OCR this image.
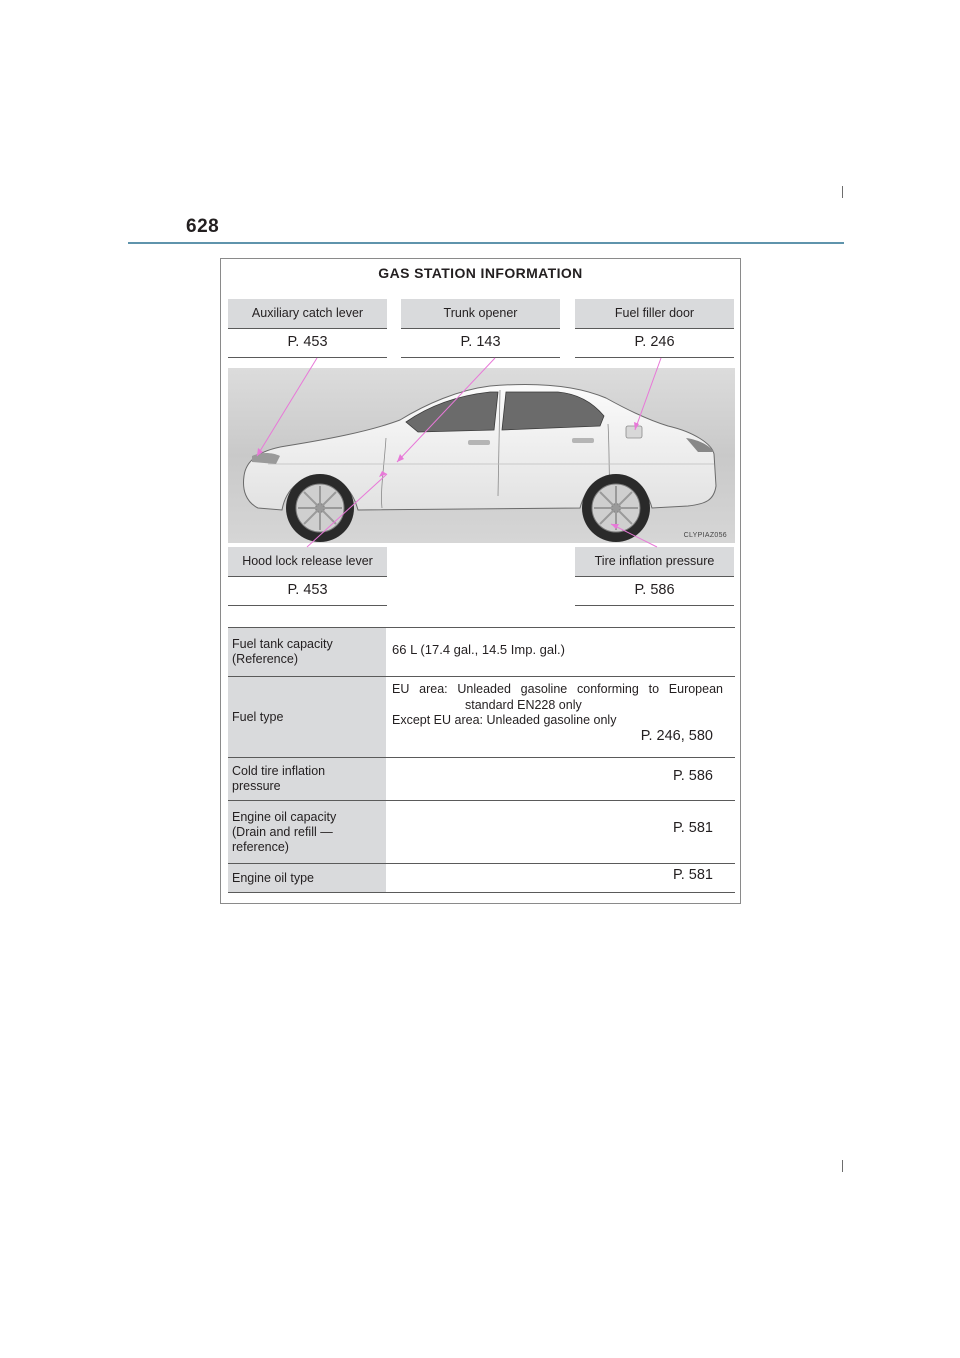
628
GAS STATION INFORMATION
Auxiliary catch lever
P. 453
Trunk opener
P. 143
Fuel filler door
P. 246
CLYPIAZ056
Hood lock release lever
P. 453
Tire inflation pressure
P. 586
Fuel tank capacity
(Reference)
66 L (17.4 gal., 14.5 Imp. gal.)
Fuel type
EU area: Unleaded gasoline conforming to European
standard EN228 only
Except EU area: Unleaded gasoline only
P. 246, 580
Cold tire inflation
pressure
P. 586
Engine oil capacity
(Drain and refill —
reference)
P. 581
Engine oil type	P. 581
